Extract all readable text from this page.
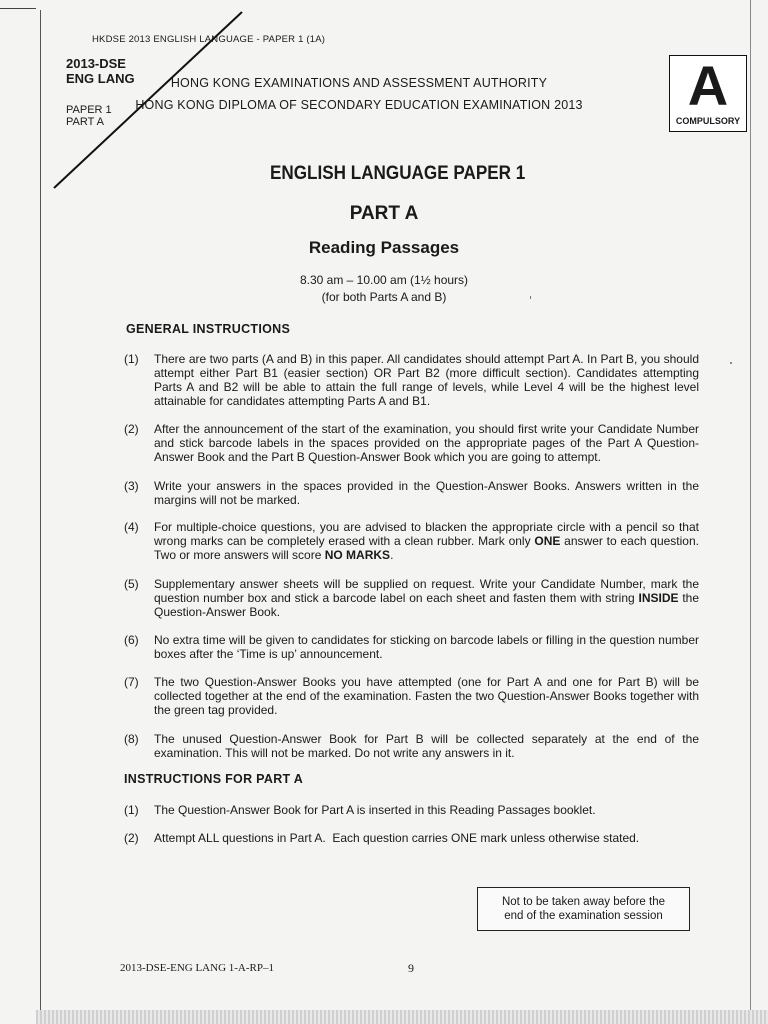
HKDSE 2013 ENGLISH LANGUAGE - PAPER 1 (1A)
2013-DSE
ENG LANG
PAPER 1
PART A
HONG KONG EXAMINATIONS AND ASSESSMENT AUTHORITY
HONG KONG DIPLOMA OF SECONDARY EDUCATION EXAMINATION 2013	A
COMPULSORY
ENGLISH LANGUAGE PAPER 1
PART A
Reading Passages
8.30 am – 10.00 am (1½ hours)
(for both Parts A and B)
GENERAL INSTRUCTIONS
(1) There are two parts (A and B) in this paper. All candidates should attempt Part A. In Part B, you should attempt either Part B1 (easier section) OR Part B2 (more difficult section). Candidates attempting Parts A and B2 will be able to attain the full range of levels, while Level 4 will be the highest level attainable for candidates attempting Parts A and B1.
(2) After the announcement of the start of the examination, you should first write your Candidate Number and stick barcode labels in the spaces provided on the appropriate pages of the Part A Question-Answer Book and the Part B Question-Answer Book which you are going to attempt.
(3) Write your answers in the spaces provided in the Question-Answer Books. Answers written in the margins will not be marked.
(4) For multiple-choice questions, you are advised to blacken the appropriate circle with a pencil so that wrong marks can be completely erased with a clean rubber. Mark only ONE answer to each question. Two or more answers will score NO MARKS.
(5) Supplementary answer sheets will be supplied on request. Write your Candidate Number, mark the question number box and stick a barcode label on each sheet and fasten them with string INSIDE the Question-Answer Book.
(6) No extra time will be given to candidates for sticking on barcode labels or filling in the question number boxes after the ‘Time is up’ announcement.
(7) The two Question-Answer Books you have attempted (one for Part A and one for Part B) will be collected together at the end of the examination. Fasten the two Question-Answer Books together with the green tag provided.
(8) The unused Question-Answer Book for Part B will be collected separately at the end of the examination. This will not be marked. Do not write any answers in it.
INSTRUCTIONS FOR PART A
(1) The Question-Answer Book for Part A is inserted in this Reading Passages booklet.
(2) Attempt ALL questions in Part A.  Each question carries ONE mark unless otherwise stated.
Not to be taken away before the
end of the examination session
2013-DSE-ENG LANG 1-A-RP–1	9
